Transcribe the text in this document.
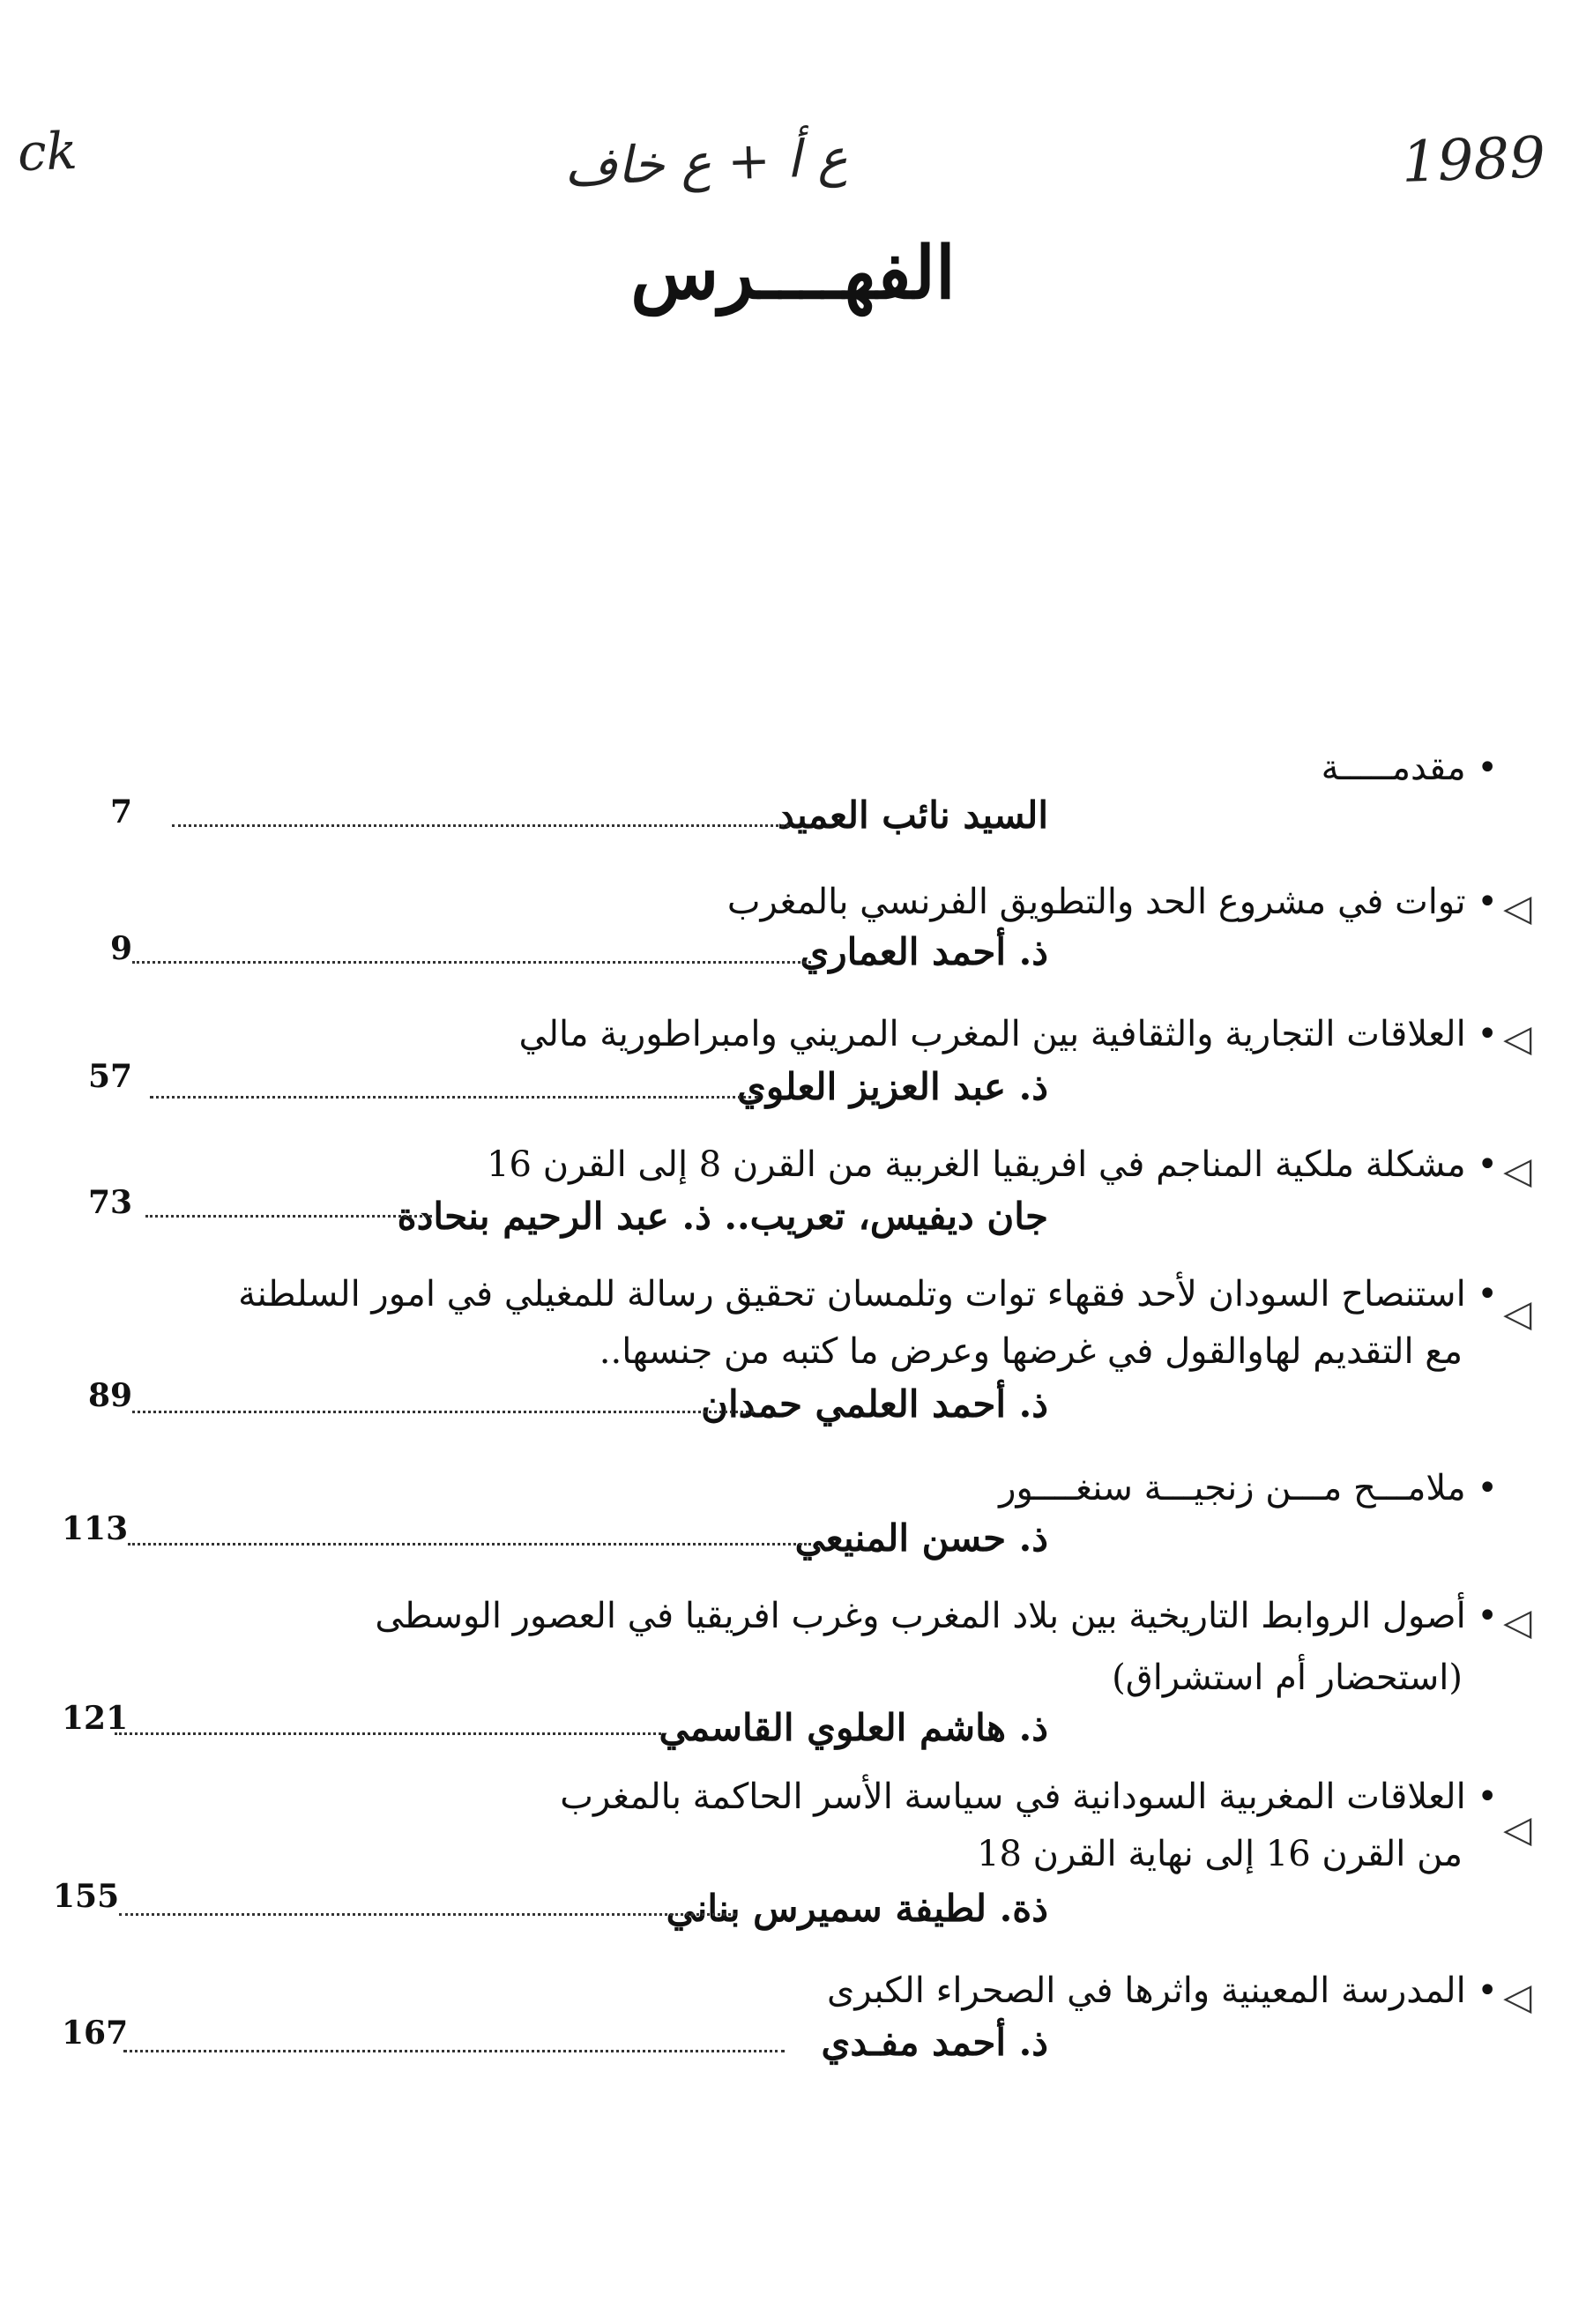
ck	ع أ + ع خاف	1989
الفهــــرس
• مقدمـــــة
السيد نائب العميد
7
• توات في مشروع الحد والتطويق الفرنسي بالمغرب
ذ. أحمد العماري
9
◁
• العلاقات التجارية والثقافية بين المغرب المريني وامبراطورية مالي
ذ. عبد العزيز العلوي
57
◁
• مشكلة ملكية المناجم في افريقيا الغربية من القرن 8 إلى القرن 16
جان ديفيس، تعريب.. ذ. عبد الرحيم بنحادة
73
◁
• استنصاح السودان لأحد فقهاء توات وتلمسان تحقيق رسالة للمغيلي في امور السلطنة
مع التقديم لهاوالقول في غرضها وعرض ما كتبه من جنسها..
ذ. أحمد العلمي حمدان
89
◁
• ملامـــح مـــن زنجيـــة سنغــــور
ذ. حسن المنيعي
113
• أصول الروابط التاريخية بين بلاد المغرب وغرب افريقيا في العصور الوسطى
(استحضار أم استشراق)
ذ. هاشم العلوي القاسمي
121
◁
• العلاقات المغربية السودانية في سياسة الأسر الحاكمة بالمغرب
من القرن 16 إلى نهاية القرن 18
ذة. لطيفة سميرس بناني
155
◁
• المدرسة المعينية واثرها في الصحراء الكبرى
ذ. أحمد مفـدي
167
◁
